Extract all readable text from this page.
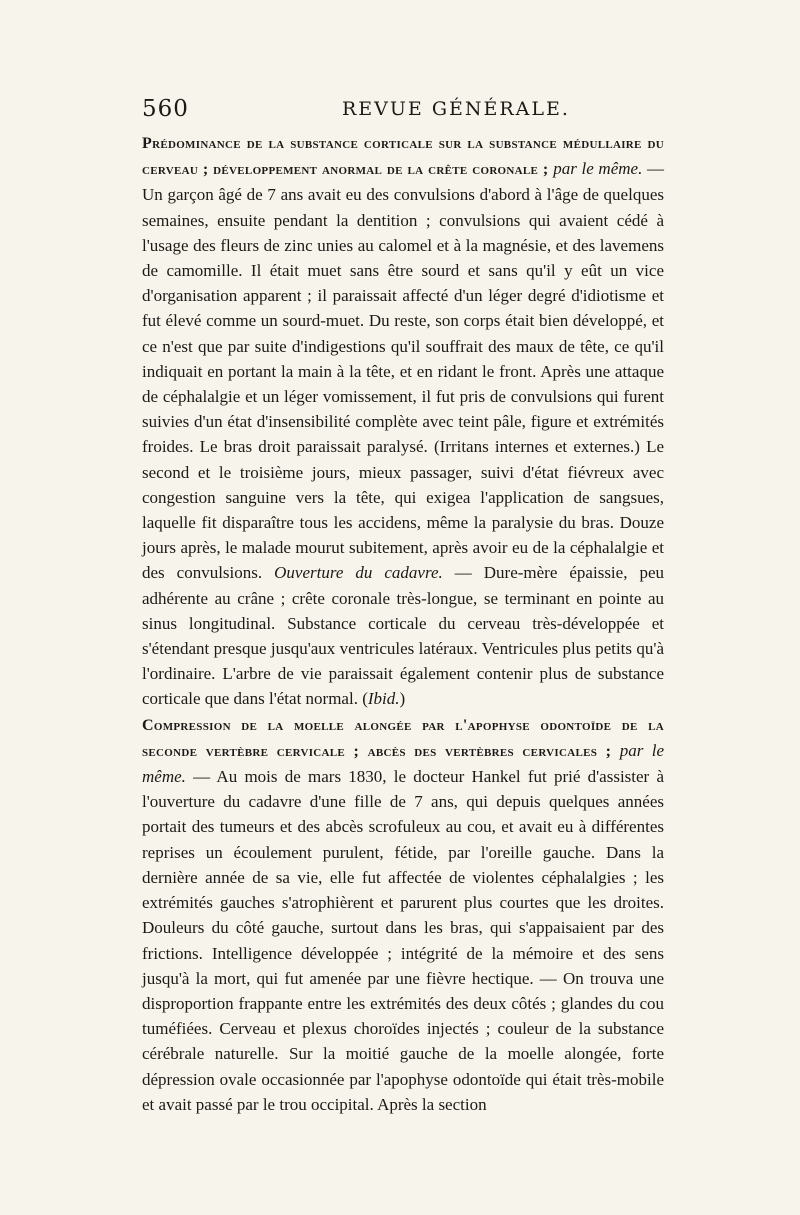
560	REVUE GÉNÉRALE.

Prédominance de la substance corticale sur la substance médullaire du cerveau ; développement anormal de la crête coronale ; par le même. — Un garçon âgé de 7 ans avait eu des convulsions d'abord à l'âge de quelques semaines, ensuite pendant la dentition ; convulsions qui avaient cédé à l'usage des fleurs de zinc unies au calomel et à la magnésie, et des lavemens de camomille. Il était muet sans être sourd et sans qu'il y eût un vice d'organisation apparent ; il paraissait affecté d'un léger degré d'idiotisme et fut élevé comme un sourd-muet. Du reste, son corps était bien développé, et ce n'est que par suite d'indigestions qu'il souffrait des maux de tête, ce qu'il indiquait en portant la main à la tête, et en ridant le front. Après une attaque de céphalalgie et un léger vomissement, il fut pris de convulsions qui furent suivies d'un état d'insensibilité complète avec teint pâle, figure et extrémités froides. Le bras droit paraissait paralysé. (Irritans internes et externes.) Le second et le troisième jours, mieux passager, suivi d'état fiévreux avec congestion sanguine vers la tête, qui exigea l'application de sangsues, laquelle fit disparaître tous les accidens, même la paralysie du bras. Douze jours après, le malade mourut subitement, après avoir eu de la céphalalgie et des convulsions. Ouverture du cadavre. — Dure-mère épaissie, peu adhérente au crâne ; crête coronale très-longue, se terminant en pointe au sinus longitudinal. Substance corticale du cerveau très-développée et s'étendant presque jusqu'aux ventricules latéraux. Ventricules plus petits qu'à l'ordinaire. L'arbre de vie paraissait également contenir plus de substance corticale que dans l'état normal. (Ibid.)

Compression de la moelle alongée par l'apophyse odontoïde de la seconde vertèbre cervicale ; abcès des vertèbres cervicales ; par le même. — Au mois de mars 1830, le docteur Hankel fut prié d'assister à l'ouverture du cadavre d'une fille de 7 ans, qui depuis quelques années portait des tumeurs et des abcès scrofuleux au cou, et avait eu à différentes reprises un écoulement purulent, fétide, par l'oreille gauche. Dans la dernière année de sa vie, elle fut affectée de violentes céphalalgies ; les extrémités gauches s'atrophièrent et parurent plus courtes que les droites. Douleurs du côté gauche, surtout dans les bras, qui s'appaisaient par des frictions. Intelligence développée ; intégrité de la mémoire et des sens jusqu'à la mort, qui fut amenée par une fièvre hectique. — On trouva une disproportion frappante entre les extrémités des deux côtés ; glandes du cou tuméfiées. Cerveau et plexus choroïdes injectés ; couleur de la substance cérébrale naturelle. Sur la moitié gauche de la moelle alongée, forte dépression ovale occasionnée par l'apophyse odontoïde qui était très-mobile et avait passé par le trou occipital. Après la section
